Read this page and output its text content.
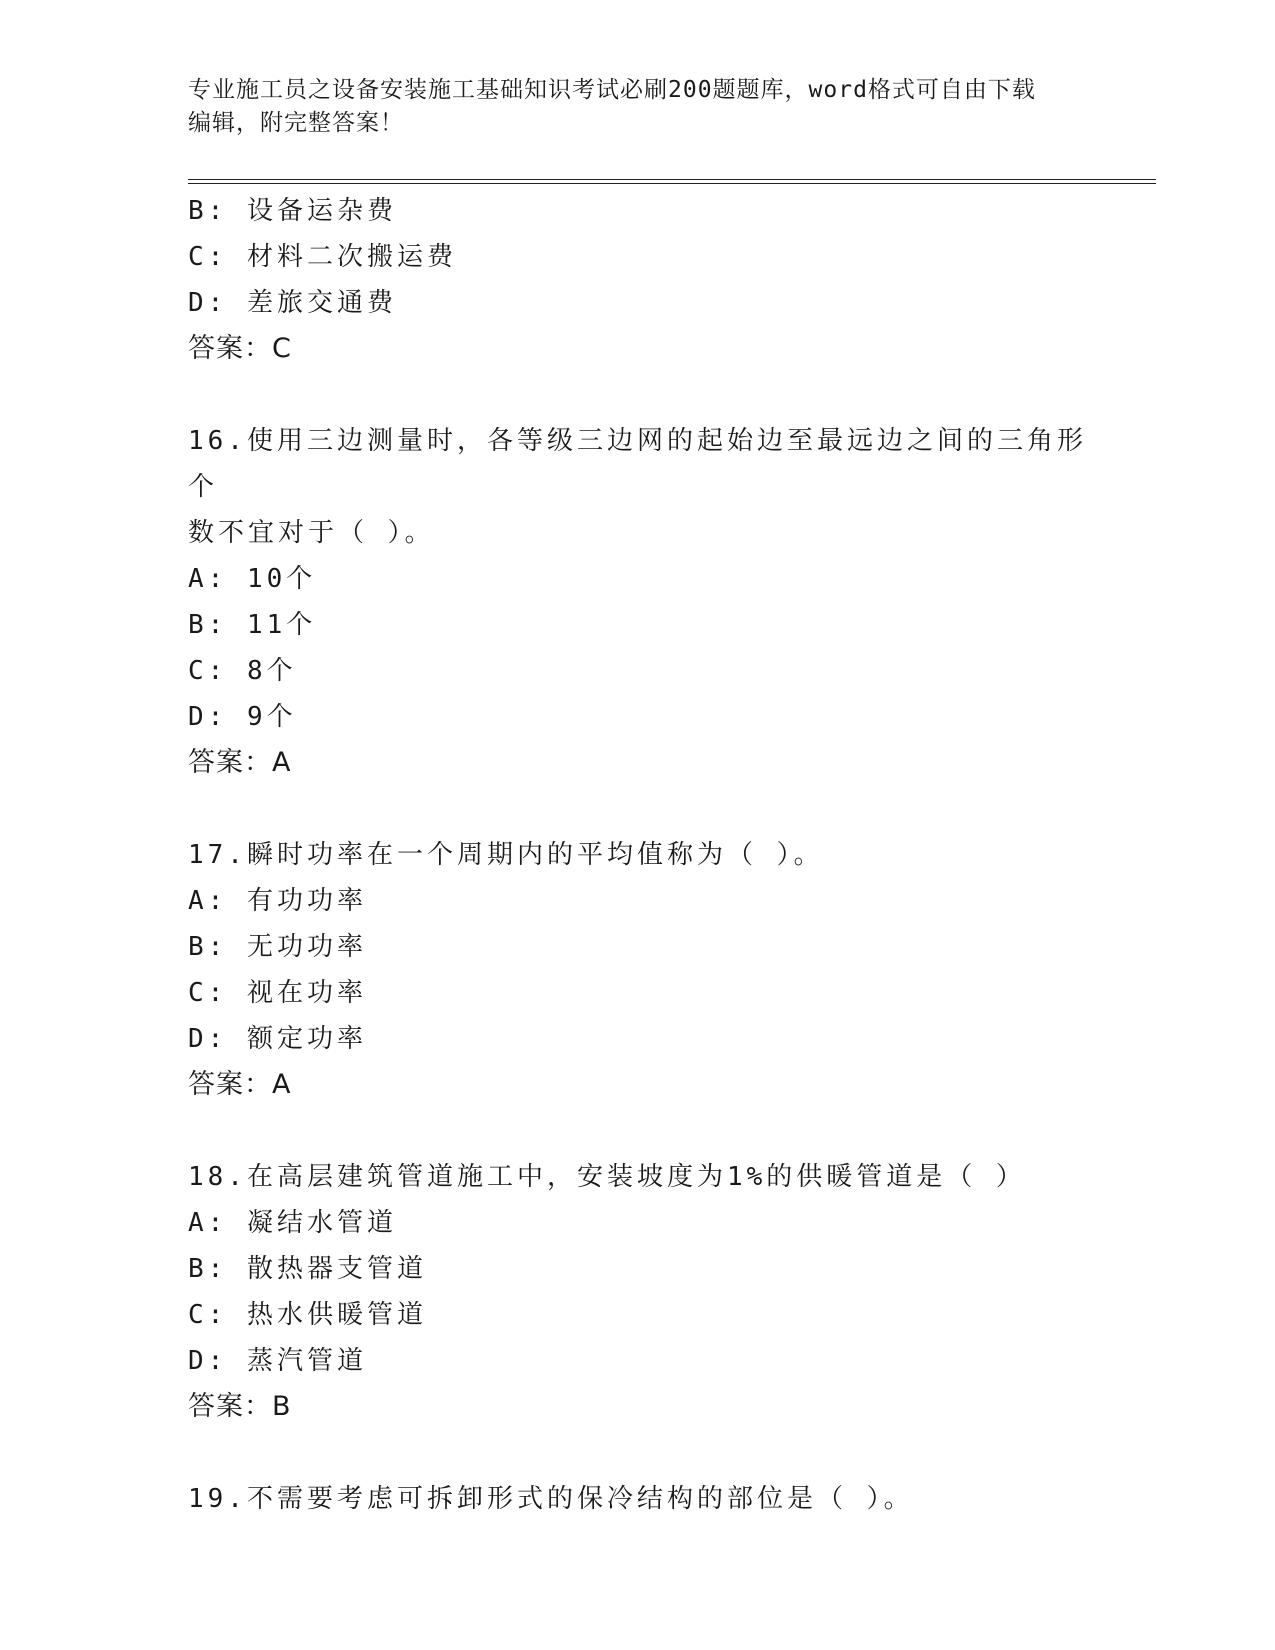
专业施工员之设备安装施工基础知识考试必刷200题题库，word格式可自由下载
编辑，附完整答案！
B: 设备运杂费
C: 材料二次搬运费
D: 差旅交通费
答案：C
16.使用三边测量时，各等级三边网的起始边至最远边之间的三角形个
数不宜对于（ ）。
A: 10个
B: 11个
C: 8个
D: 9个
答案：A
17.瞬时功率在一个周期内的平均值称为（ ）。
A: 有功功率
B: 无功功率
C: 视在功率
D: 额定功率
答案：A
18.在高层建筑管道施工中，安装坡度为1%的供暖管道是（ ）
A: 凝结水管道
B: 散热器支管道
C: 热水供暖管道
D: 蒸汽管道
答案：B
19.不需要考虑可拆卸形式的保冷结构的部位是（ ）。
